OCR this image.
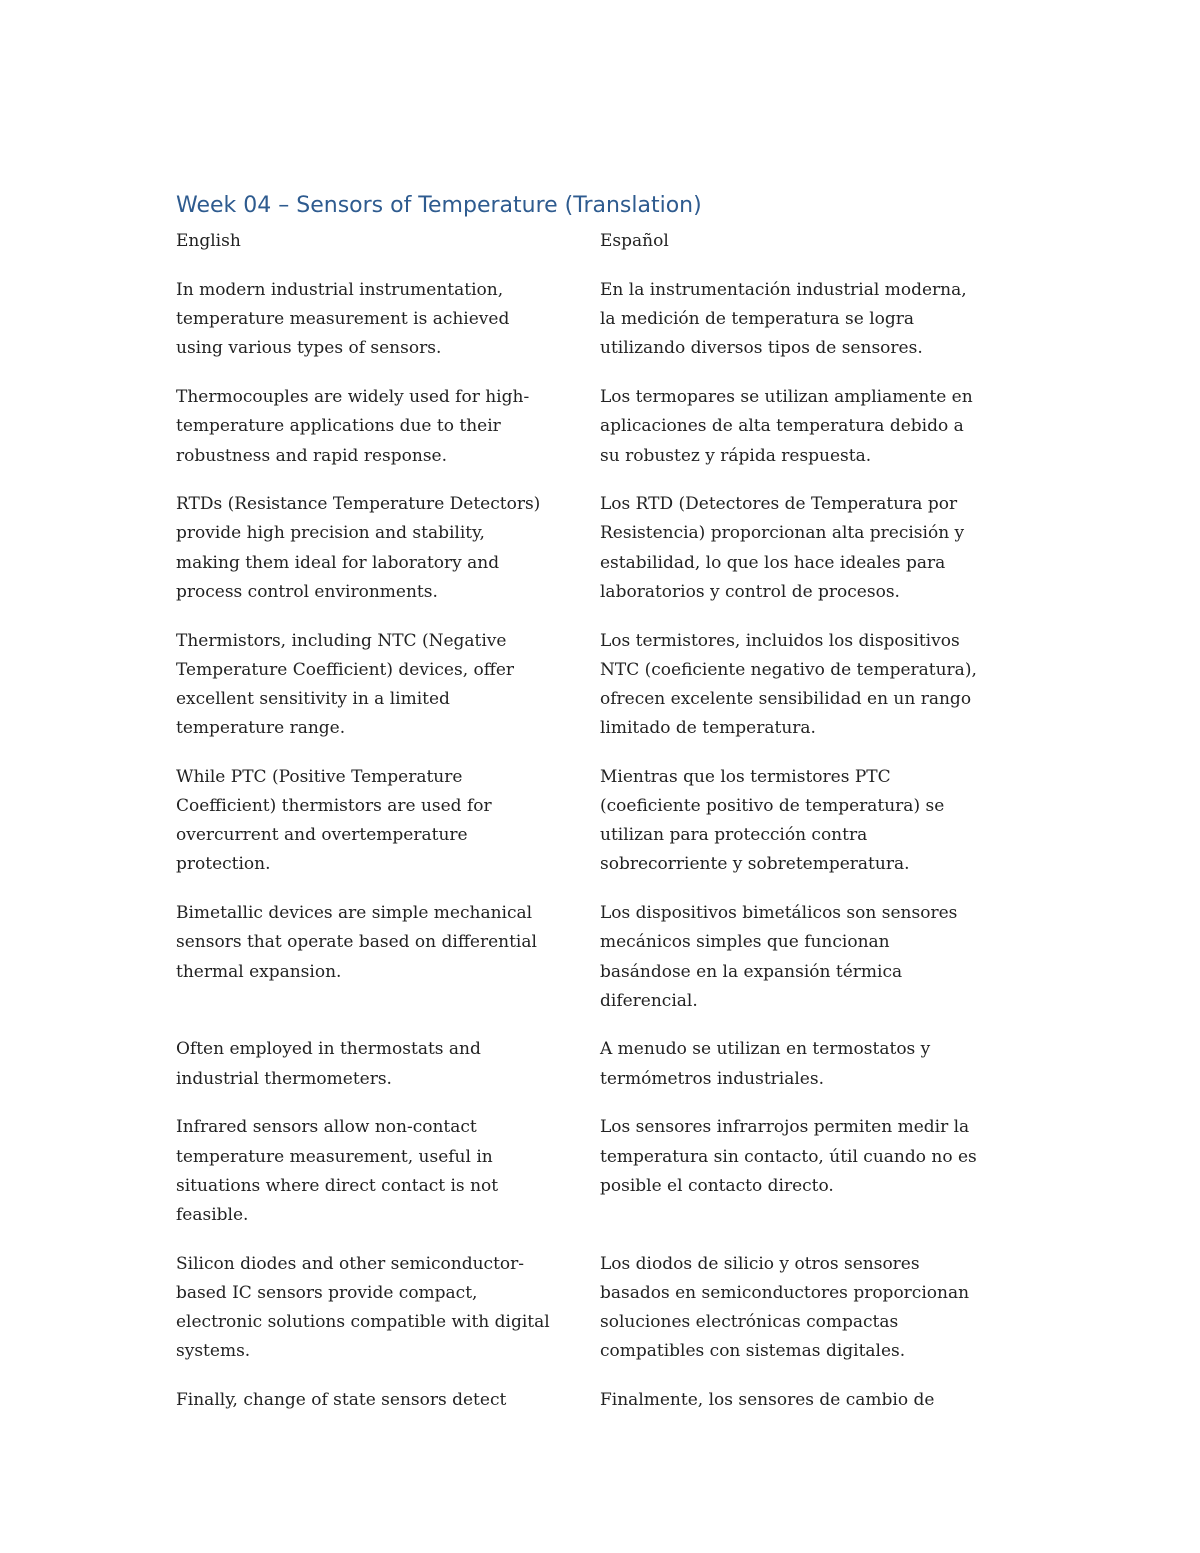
Week 04 – Sensors of Temperature (Translation)
English	Español
In modern industrial instrumentation,
temperature measurement is achieved
using various types of sensors.
En la instrumentación industrial moderna,
la medición de temperatura se logra
utilizando diversos tipos de sensores.
Thermocouples are widely used for high-
temperature applications due to their
robustness and rapid response.
Los termopares se utilizan ampliamente en
aplicaciones de alta temperatura debido a
su robustez y rápida respuesta.
RTDs (Resistance Temperature Detectors)
provide high precision and stability,
making them ideal for laboratory and
process control environments.
Los RTD (Detectores de Temperatura por
Resistencia) proporcionan alta precisión y
estabilidad, lo que los hace ideales para
laboratorios y control de procesos.
Thermistors, including NTC (Negative
Temperature Coefficient) devices, offer
excellent sensitivity in a limited
temperature range.
Los termistores, incluidos los dispositivos
NTC (coeficiente negativo de temperatura),
ofrecen excelente sensibilidad en un rango
limitado de temperatura.
While PTC (Positive Temperature
Coefficient) thermistors are used for
overcurrent and overtemperature
protection.
Mientras que los termistores PTC
(coeficiente positivo de temperatura) se
utilizan para protección contra
sobrecorriente y sobretemperatura.
Bimetallic devices are simple mechanical
sensors that operate based on differential
thermal expansion.
Los dispositivos bimetálicos son sensores
mecánicos simples que funcionan
basándose en la expansión térmica
diferencial.
Often employed in thermostats and
industrial thermometers.
A menudo se utilizan en termostatos y
termómetros industriales.
Infrared sensors allow non-contact
temperature measurement, useful in
situations where direct contact is not
feasible.
Los sensores infrarrojos permiten medir la
temperatura sin contacto, útil cuando no es
posible el contacto directo.
Silicon diodes and other semiconductor-
based IC sensors provide compact,
electronic solutions compatible with digital
systems.
Los diodos de silicio y otros sensores
basados en semiconductores proporcionan
soluciones electrónicas compactas
compatibles con sistemas digitales.
Finally, change of state sensors detect	Finalmente, los sensores de cambio de
